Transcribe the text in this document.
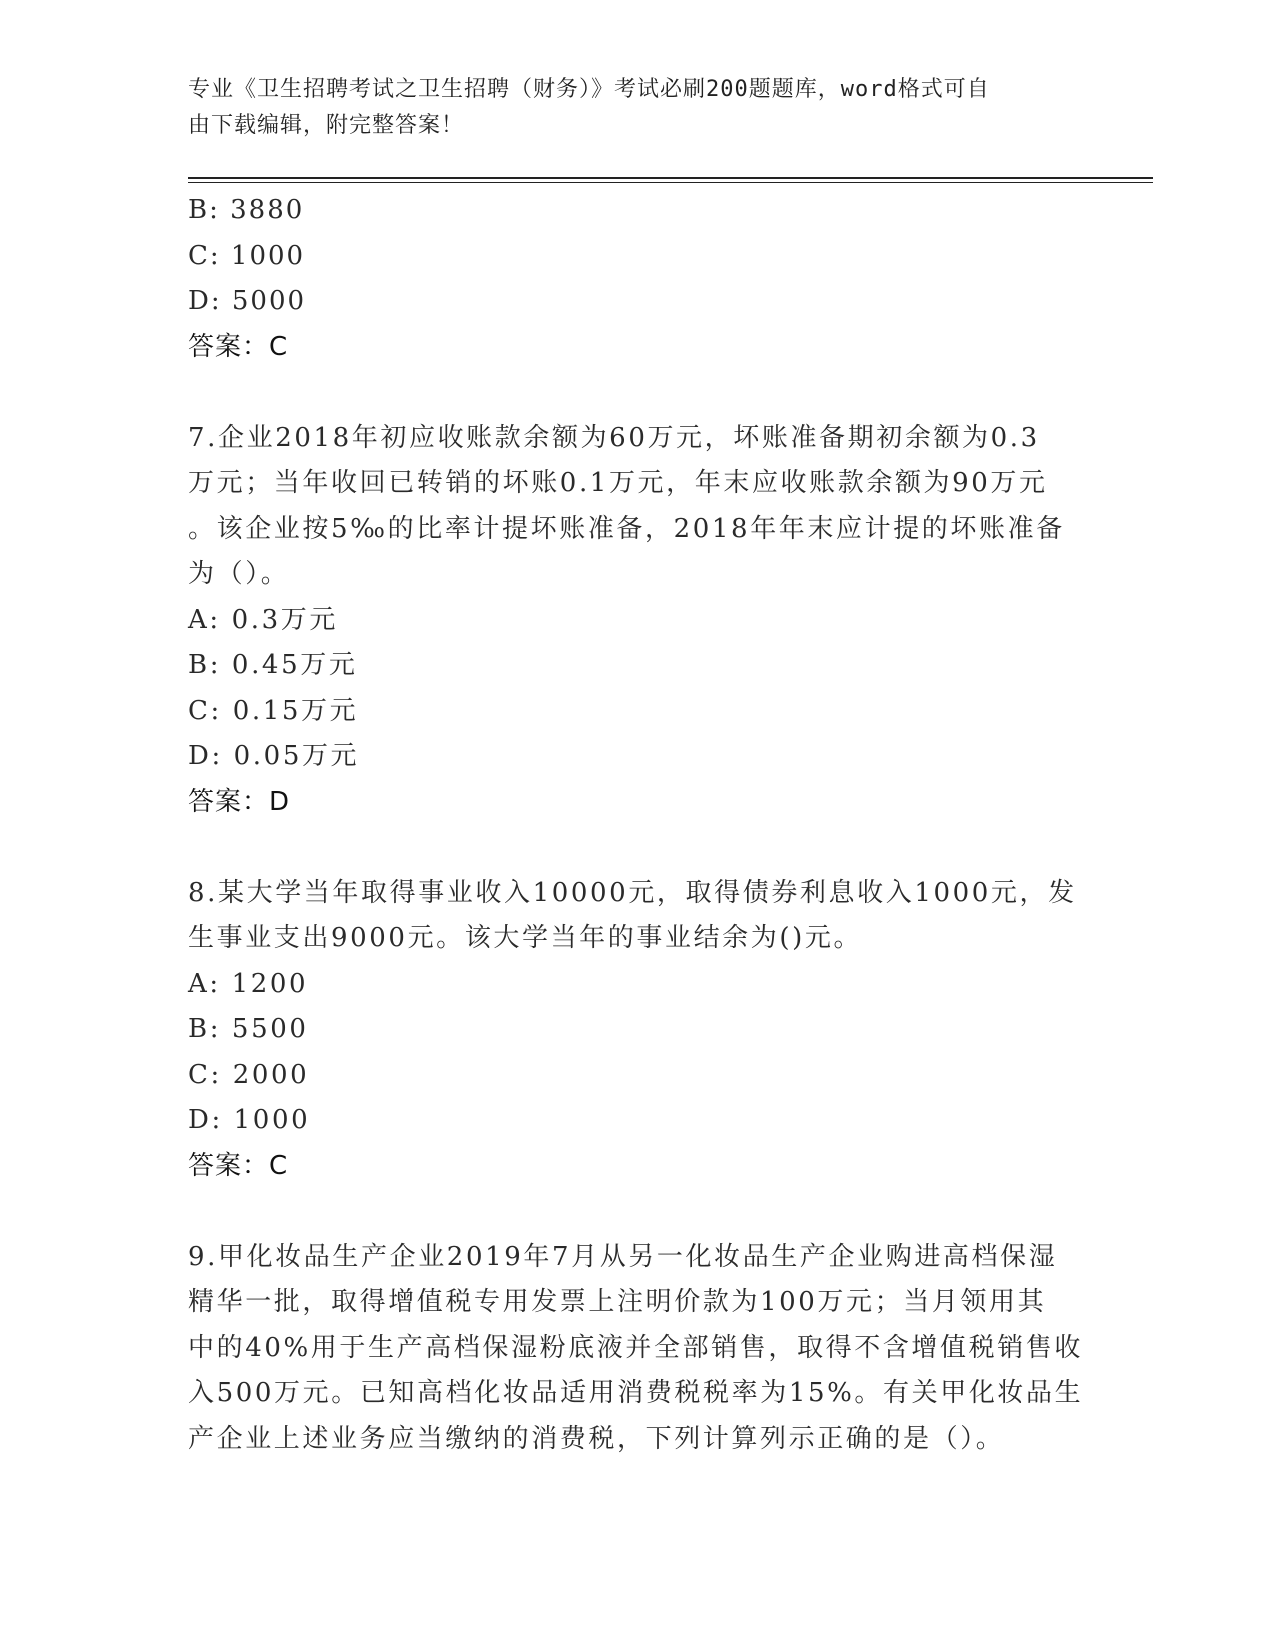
专业《卫生招聘考试之卫生招聘（财务）》考试必刷200题题库，word格式可自
由下载编辑，附完整答案！
B: 3880
C: 1000
D: 5000
答案：C
7.企业2018年初应收账款余额为60万元，坏账准备期初余额为0.3
万元；当年收回已转销的坏账0.1万元，年末应收账款余额为90万元
。该企业按5‰的比率计提坏账准备，2018年年末应计提的坏账准备
为（）。
A: 0.3万元
B: 0.45万元
C: 0.15万元
D: 0.05万元
答案：D
8.某大学当年取得事业收入10000元，取得债券利息收入1000元，发
生事业支出9000元。该大学当年的事业结余为()元。
A: 1200
B: 5500
C: 2000
D: 1000
答案：C
9.甲化妆品生产企业2019年7月从另一化妆品生产企业购进高档保湿
精华一批，取得增值税专用发票上注明价款为100万元；当月领用其
中的40%用于生产高档保湿粉底液并全部销售，取得不含增值税销售收
入500万元。已知高档化妆品适用消费税税率为15%。有关甲化妆品生
产企业上述业务应当缴纳的消费税，下列计算列示正确的是（）。
